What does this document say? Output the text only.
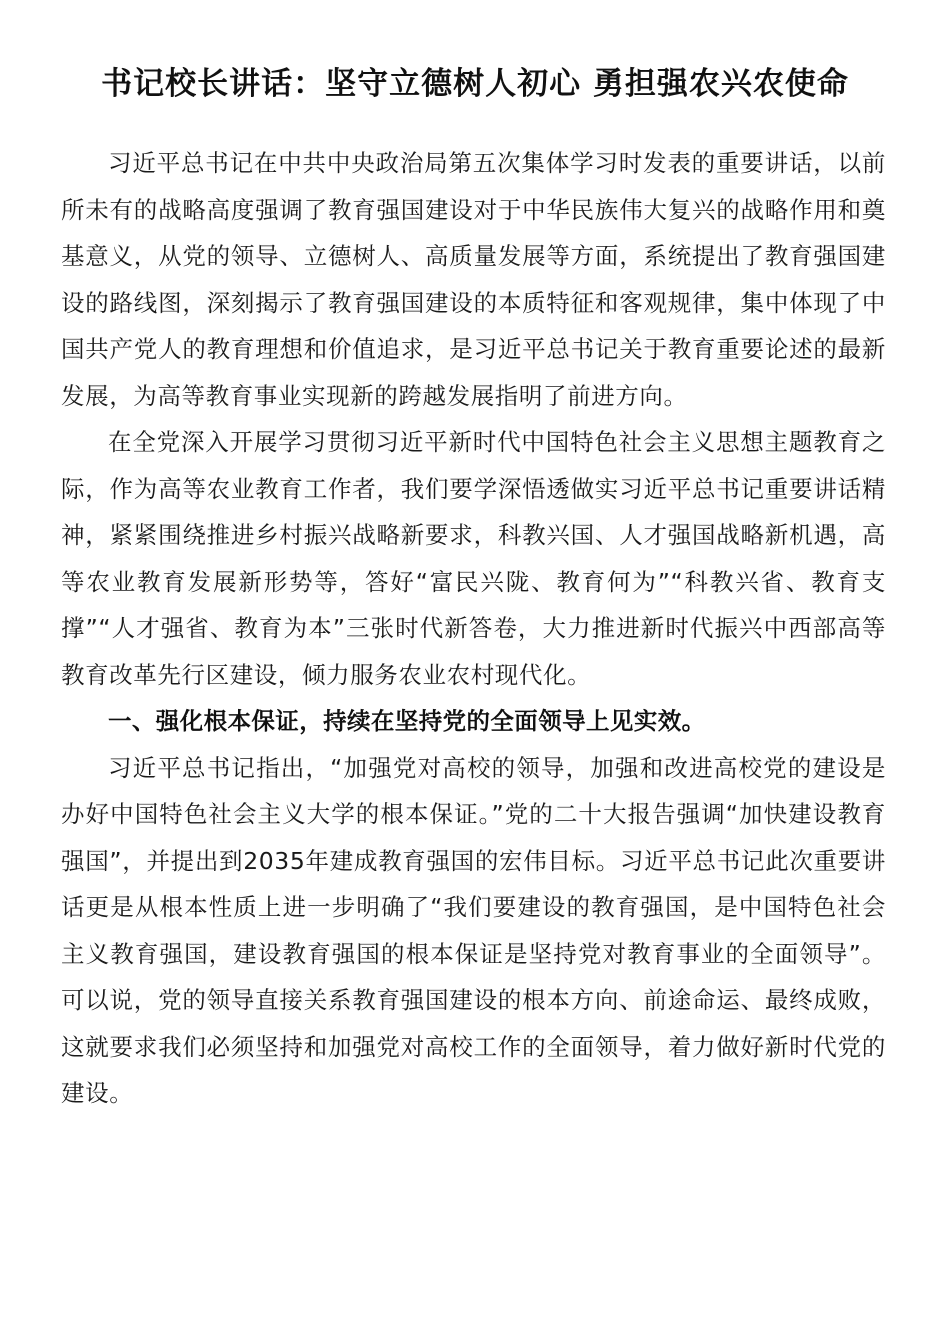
书记校长讲话：坚守立德树人初心 勇担强农兴农使命

习近平总书记在中共中央政治局第五次集体学习时发表的重要讲话，以前所未有的战略高度强调了教育强国建设对于中华民族伟大复兴的战略作用和奠基意义，从党的领导、立德树人、高质量发展等方面，系统提出了教育强国建设的路线图，深刻揭示了教育强国建设的本质特征和客观规律，集中体现了中国共产党人的教育理想和价值追求，是习近平总书记关于教育重要论述的最新发展，为高等教育事业实现新的跨越发展指明了前进方向。

在全党深入开展学习贯彻习近平新时代中国特色社会主义思想主题教育之际，作为高等农业教育工作者，我们要学深悟透做实习近平总书记重要讲话精神，紧紧围绕推进乡村振兴战略新要求，科教兴国、人才强国战略新机遇，高等农业教育发展新形势等，答好“富民兴陇、教育何为”“科教兴省、教育支撑”“人才强省、教育为本”三张时代新答卷，大力推进新时代振兴中西部高等教育改革先行区建设，倾力服务农业农村现代化。

一、强化根本保证，持续在坚持党的全面领导上见实效。

习近平总书记指出，“加强党对高校的领导，加强和改进高校党的建设是办好中国特色社会主义大学的根本保证。”党的二十大报告强调“加快建设教育强国”，并提出到2035年建成教育强国的宏伟目标。习近平总书记此次重要讲话更是从根本性质上进一步明确了“我们要建设的教育强国，是中国特色社会主义教育强国，建设教育强国的根本保证是坚持党对教育事业的全面领导”。可以说，党的领导直接关系教育强国建设的根本方向、前途命运、最终成败，这就要求我们必须坚持和加强党对高校工作的全面领导，着力做好新时代党的建设。
